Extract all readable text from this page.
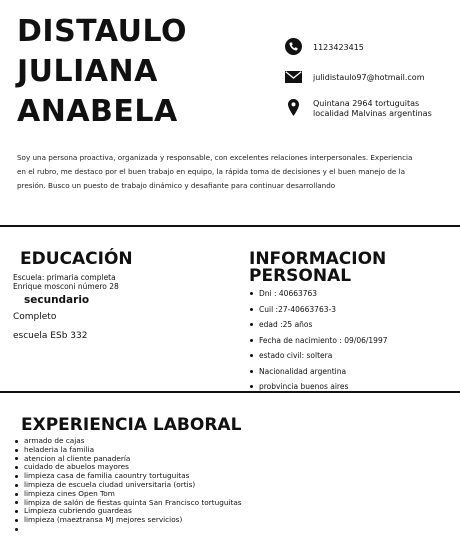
DISTAULO
JULIANA
ANABELA
1123423415
julidistaulo97@hotmail.com
Quintana 2964 tortuguitas
localidad Malvinas argentinas
Soy una persona proactiva, organizada y responsable, con excelentes relaciones interpersonales. Experiencia en el rubro, me destaco por el buen trabajo en equipo, la rápida toma de decisiones y el buen manejo de la presión. Busco un puesto de trabajo dinámico y desafiante para continuar desarrollando
EDUCACIÓN
Escuela: primaria completa
Enrique mosconi número 28
secundario
Completo
escuela ESb 332
INFORMACION
PERSONAL
Dni : 40663763
Cuil :27-40663763-3
edad :25 años
Fecha de nacimiento : 09/06/1997
estado civil: soltera
Nacionalidad argentina
probvincia buenos aires
EXPERIENCIA LABORAL
armado de cajas
heladeria la familia
atencion al cliente panadería
cuidado de abuelos mayores
limpieza casa de familia caountry tortuguitas
limpieza de escuela ciudad universitaria (ortis)
limpieza cines Open Tom
limpiza de salón de fiestas quinta San Francisco tortuguitas
Limpieza cubriendo guardeas
limpieza (maeztransa MJ mejores servicios)
